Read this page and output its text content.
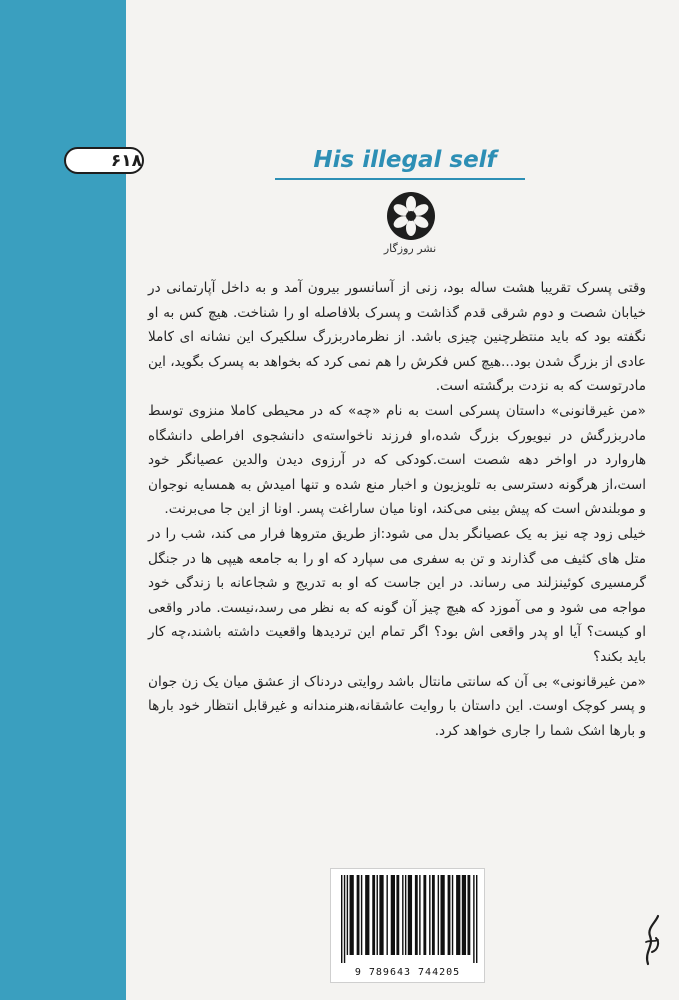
۶۱۸	His illegal self
نشر روزگار

وقتی پسرک تقریبا هشت ساله بود، زنی از آسانسور بیرون آمد و به داخل آپارتمانی در خیابان شصت و دوم شرقی قدم گذاشت و پسرک بلافاصله او را شناخت. هیچ کس به او نگفته بود که باید منتظرچنین چیزی باشد. از نظرمادربزرگ سلکیرک این نشانه ای کاملا عادی از بزرگ شدن بود...هیچ کس فکرش را هم نمی کرد که بخواهد به پسرک بگوید، این مادرتوست که به نزدت برگشته است.

«من غیرقانونی» داستان پسرکی است به نام «چه» که در محیطی کاملا منزوی توسط مادربزرگش در نیویورک بزرگ شده،او فرزند ناخواسته‌ی دانشجوی افراطی دانشگاه هاروارد در اواخر دهه شصت است.کودکی که در آرزوی دیدن والدین عصیانگر خود است،از هرگونه دسترسی به تلویزیون و اخبار منع شده و تنها امیدش به همسایه نوجوان و موبلندش است که پیش بینی می‌کند، اونا میان ساراغت پسر. اونا از این جا می‌برنت.

خیلی زود چه نیز به یک عصیانگر بدل می شود:از طریق متروها فرار می کند، شب را در متل های کثیف می گذارند و تن به سفری می سپارد که او را به جامعه هیپی ها در جنگل گرمسیری کوئینزلند می رساند. در این جاست که او به تدریج و شجاعانه با زندگی خود مواجه می شود و می آموزد که هیچ چیز آن گونه که به نظر می رسد،نیست. مادر واقعی او کیست؟ آیا او پدر واقعی اش بود؟ اگر تمام این تردیدها واقعیت داشته باشند،چه کار باید بکند؟

«من غیرقانونی» بی آن که سانتی مانتال باشد روایتی دردناک از عشق میان یک زن جوان و پسر کوچک اوست. این داستان با روایت عاشقانه،هنرمندانه و غیرقابل انتظار خود بارها و بارها اشک شما را جاری خواهد کرد.

9 789643 744205
